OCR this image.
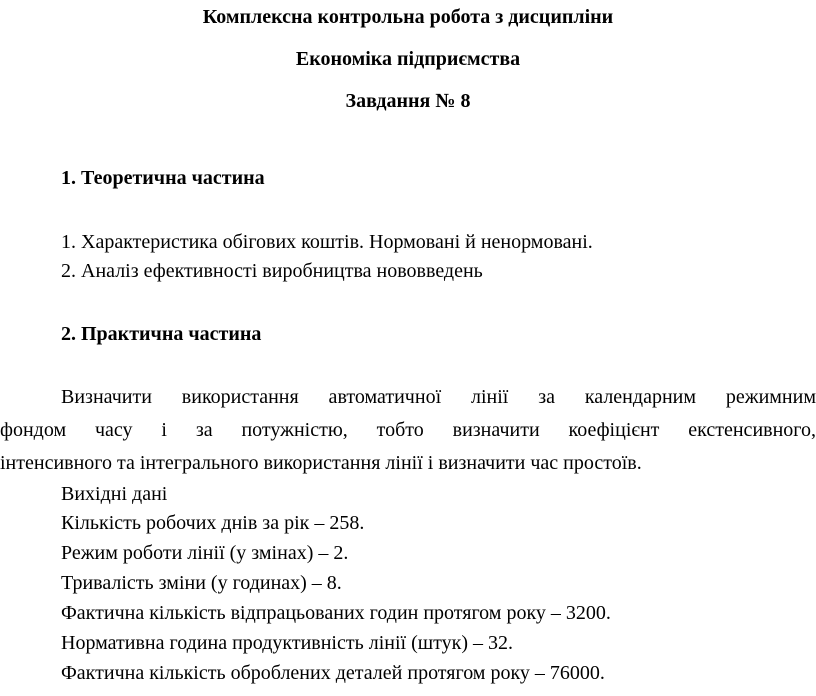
Комплексна контрольна робота з дисципліни
Економіка підприємства
Завдання № 8
1. Теоретична частина
1. Характеристика обігових коштів. Нормовані й ненормовані.
2. Аналіз ефективності виробництва нововведень
2. Практична частина
Визначити використання автоматичної лінії за календарним режимним
фондом часу і за потужністю, тобто визначити коефіцієнт екстенсивного,
інтенсивного та інтегрального використання лінії і визначити час простоїв.
Вихідні дані
Кількість робочих днів за рік – 258.
Режим роботи лінії (у змінах) – 2.
Тривалість зміни (у годинах) – 8.
Фактична кількість відпрацьованих годин протягом року – 3200.
Нормативна година продуктивність лінії (штук) – 32.
Фактична кількість оброблених деталей протягом року – 76000.
